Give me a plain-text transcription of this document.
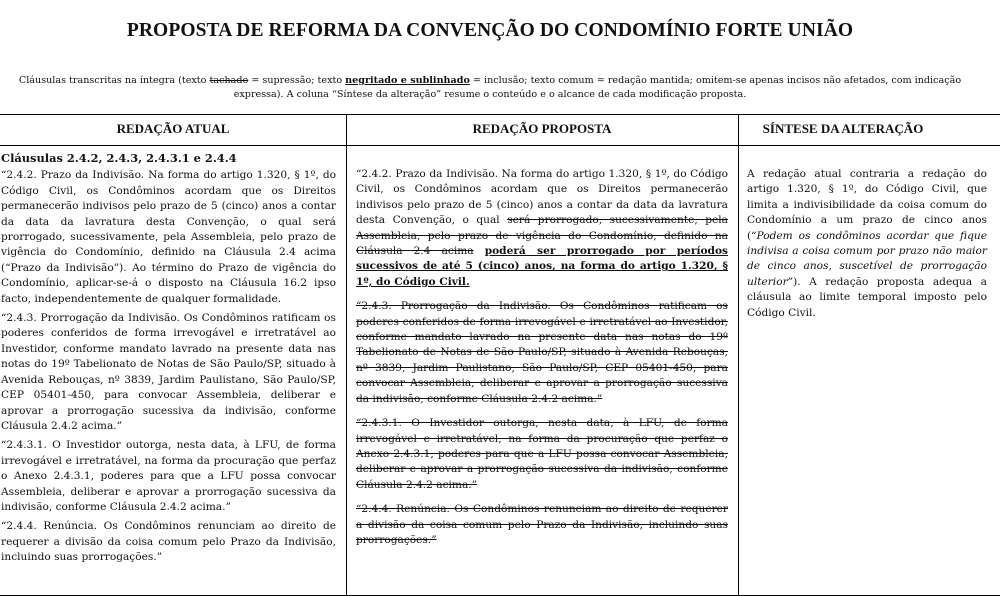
PROPOSTA DE REFORMA DA CONVENÇÃO DO CONDOMÍNIO FORTE UNIÃO
Cláusulas transcritas na íntegra (texto tachado = supressão; texto negritado e sublinhado = inclusão; texto comum = redação mantida; omitem-se apenas incisos não afetados, com indicação expressa). A coluna “Síntese da alteração” resume o conteúdo e o alcance de cada modificação proposta.
REDAÇÃO ATUAL	REDAÇÃO PROPOSTA	SÍNTESE DA ALTERAÇÃO

Cláusulas 2.4.2, 2.4.3, 2.4.3.1 e 2.4.4

“2.4.2. Prazo da Indivisão. Na forma do artigo 1.320, § 1º, do Código Civil, os Condôminos acordam que os Direitos permanecerão indivisos pelo prazo de 5 (cinco) anos a contar da data da lavratura desta Convenção, o qual será prorrogado, sucessivamente, pela Assembleia, pelo prazo de vigência do Condomínio, definido na Cláusula 2.4 acima (“Prazo da Indivisão”). Ao término do Prazo de vigência do Condomínio, aplicar-se-á o disposto na Cláusula 16.2 ipso facto, independentemente de qualquer formalidade.

“2.4.3. Prorrogação da Indivisão. Os Condôminos ratificam os poderes conferidos de forma irrevogável e irretratável ao Investidor, conforme mandato lavrado na presente data nas notas do 19º Tabelionato de Notas de São Paulo/SP, situado à Avenida Rebouças, nº 3839, Jardim Paulistano, São Paulo/SP, CEP 05401-450, para convocar Assembleia, deliberar e aprovar a prorrogação sucessiva da indivisão, conforme Cláusula 2.4.2 acima.”

“2.4.3.1. O Investidor outorga, nesta data, à LFU, de forma irrevogável e irretratável, na forma da procuração que perfaz o Anexo 2.4.3.1, poderes para que a LFU possa convocar Assembleia, deliberar e aprovar a prorrogação sucessiva da indivisão, conforme Cláusula 2.4.2 acima.”

“2.4.4. Renúncia. Os Condôminos renunciam ao direito de requerer a divisão da coisa comum pelo Prazo da Indivisão, incluindo suas prorrogações.”

“2.4.2. Prazo da Indivisão. Na forma do artigo 1.320, § 1º, do Código Civil, os Condôminos acordam que os Direitos permanecerão indivisos pelo prazo de 5 (cinco) anos a contar da data da lavratura desta Convenção, o qual será prorrogado, sucessivamente, pela Assembleia, pelo prazo de vigência do Condomínio, definido na Cláusula 2.4 acima poderá ser prorrogado por períodos sucessivos de até 5 (cinco) anos, na forma do artigo 1.320, § 1º, do Código Civil.

“2.4.3. Prorrogação da Indivisão. Os Condôminos ratificam os poderes conferidos de forma irrevogável e irretratável ao Investidor, conforme mandato lavrado na presente data nas notas do 19º Tabelionato de Notas de São Paulo/SP, situado à Avenida Rebouças, nº 3839, Jardim Paulistano, São Paulo/SP, CEP 05401-450, para convocar Assembleia, deliberar e aprovar a prorrogação sucessiva da indivisão, conforme Cláusula 2.4.2 acima.”

“2.4.3.1. O Investidor outorga, nesta data, à LFU, de forma irrevogável e irretratável, na forma da procuração que perfaz o Anexo 2.4.3.1, poderes para que a LFU possa convocar Assembleia, deliberar e aprovar a prorrogação sucessiva da indivisão, conforme Cláusula 2.4.2 acima.”

“2.4.4. Renúncia. Os Condôminos renunciam ao direito de requerer a divisão da coisa comum pelo Prazo da Indivisão, incluindo suas prorrogações.”

A redação atual contraria a redação do artigo 1.320, § 1º, do Código Civil, que limita a indivisibilidade da coisa comum do Condomínio a um prazo de cinco anos (“Podem os condôminos acordar que fique indivisa a coisa comum por prazo não maior de cinco anos, suscetível de prorrogação ulterior”). A redação proposta adequa a cláusula ao limite temporal imposto pelo Código Civil.
